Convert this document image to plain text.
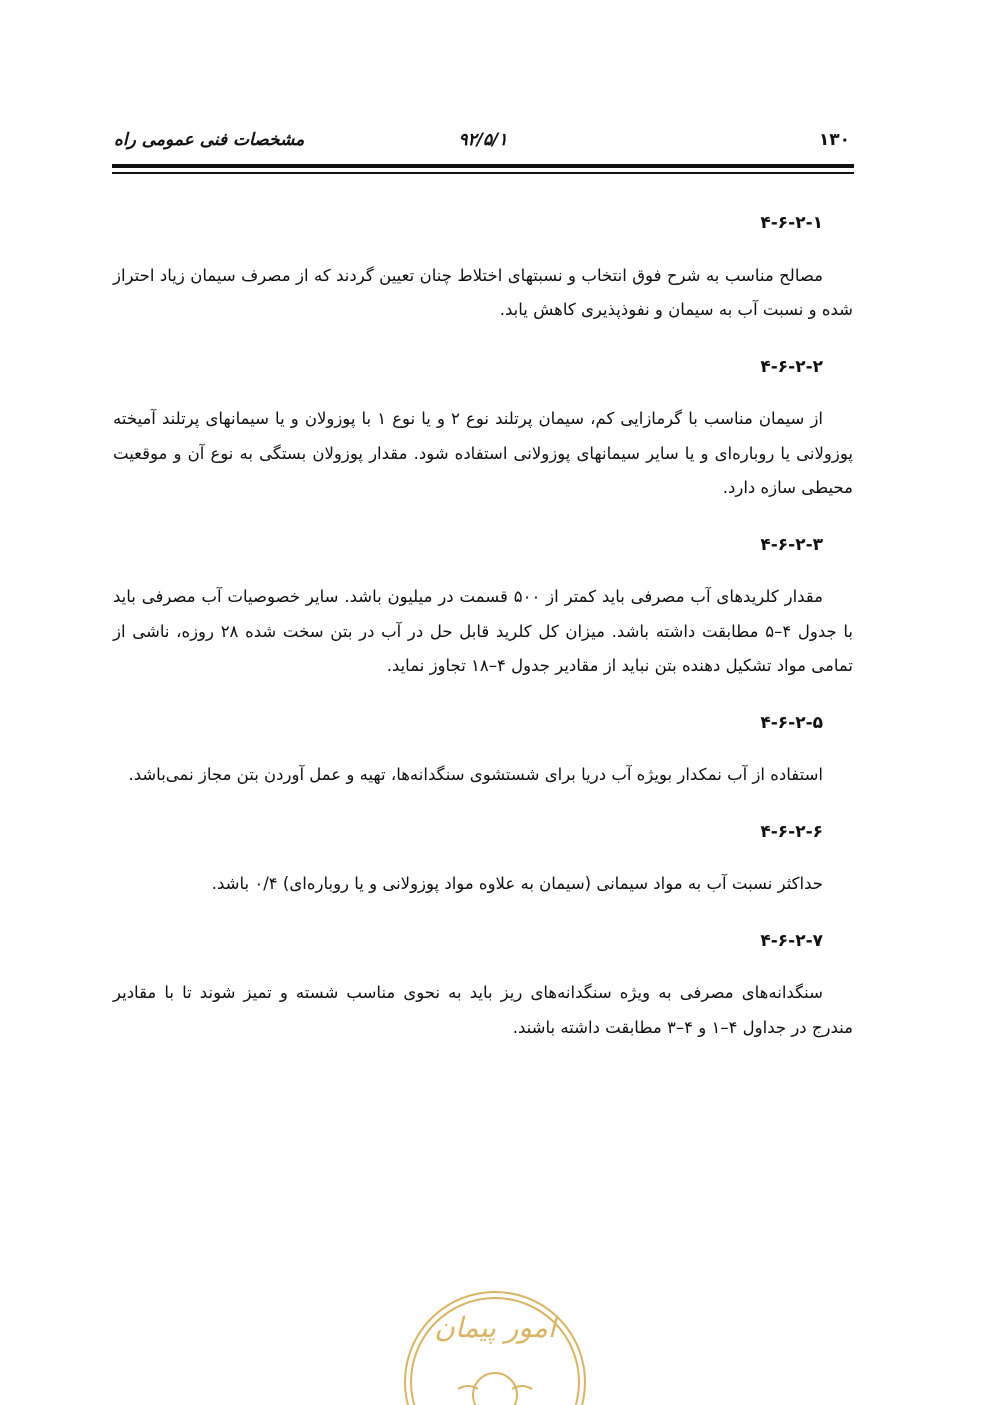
۱۳۰
۹۲/۵/۱
مشخصات فنی عمومی راه

۴-۶-۲-۱

مصالح مناسب به شرح فوق انتخاب و نسبتهای اختلاط چنان تعیین گردند که از مصرف سیمان زیاد احتراز شده و نسبت آب به سیمان و نفوذپذیری کاهش یابد.

۴-۶-۲-۲

از سیمان مناسب با گرمازایی کم، سیمان پرتلند نوع ۲ و یا نوع ۱ با پوزولان و یا سیمانهای پرتلند آمیخته پوزولانی یا روباره‌ای و یا سایر سیمانهای پوزولانی استفاده شود. مقدار پوزولان بستگی به نوع آن و موقعیت محیطی سازه دارد.

۴-۶-۲-۳

مقدار کلریدهای آب مصرفی باید کمتر از ۵۰۰ قسمت در میلیون باشد. سایر خصوصیات آب مصرفی باید با جدول ۴–۵ مطابقت داشته باشد. میزان کل کلرید قابل حل در آب در بتن سخت شده ۲۸ روزه، ناشی از تمامی مواد تشکیل دهنده بتن نباید از مقادیر جدول ۴–۱۸ تجاوز نماید.

۴-۶-۲-۵

استفاده از آب نمکدار بویژه آب دریا برای شستشوی سنگدانه‌ها، تهیه و عمل آوردن بتن مجاز نمی‌باشد.

۴-۶-۲-۶

حداکثر نسبت آب به مواد سیمانی (سیمان به علاوه مواد پوزولانی و یا روباره‌ای) ۰/۴ باشد.

۴-۶-۲-۷

سنگدانه‌های مصرفی به ویژه سنگدانه‌های ریز باید به نحوی مناسب شسته و تمیز شوند تا با مقادیر مندرج در جداول ۴–۱ و ۴–۳ مطابقت داشته باشند.

امور پیمان
